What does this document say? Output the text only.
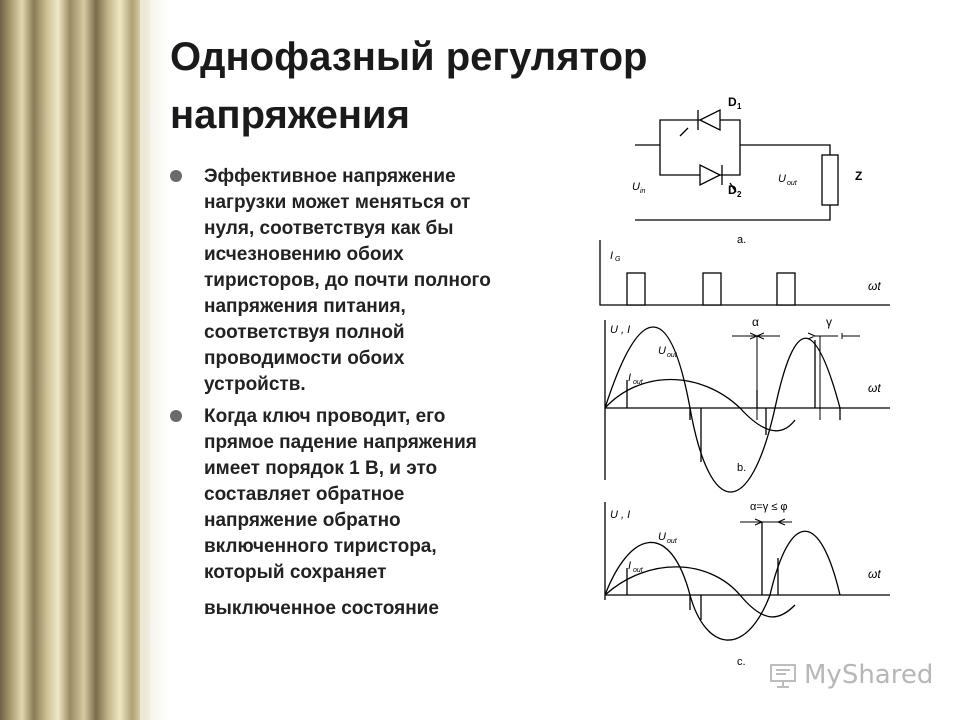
Однофазный регулятор
напряжения
Эффективное напряжение
нагрузки может меняться от
нуля, соответствуя как бы
исчезновению обоих
тиристоров, до почти полного
напряжения питания,
соответствуя полной
проводимости обоих
устройств.
Когда ключ проводит, его
прямое падение напряжения
имеет порядок 1 В, и это
составляет обратное
напряжение обратно
включенного тиристора,
который сохраняет
выключенное состояние
D 1
D 2
U in
U out
Z
a.
I G
ωt
U , I
U out
I out
α	γ
ωt
b.
U , I
U out
I out
α=γ ≤ φ
ωt
c. MyShared
